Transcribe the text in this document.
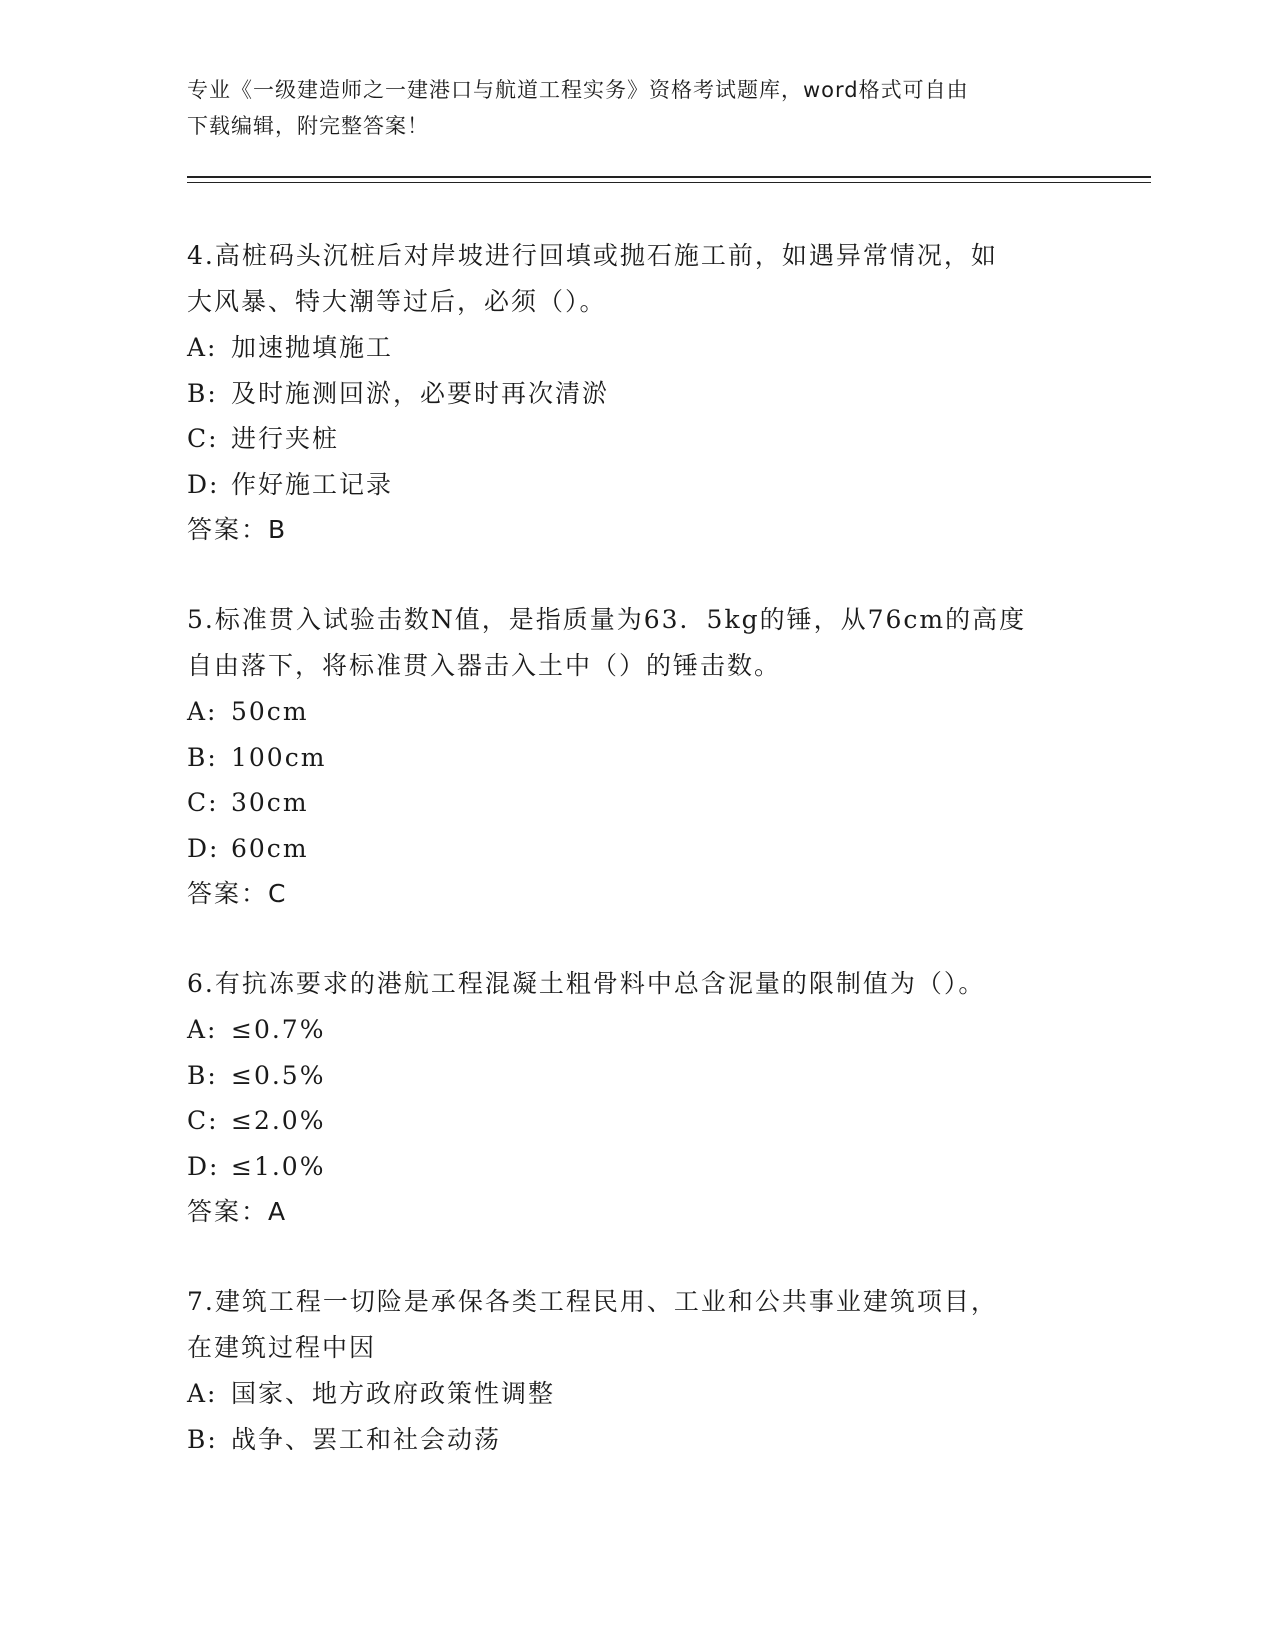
专业《一级建造师之一建港口与航道工程实务》资格考试题库，word格式可自由
下载编辑，附完整答案！
4.高桩码头沉桩后对岸坡进行回填或抛石施工前，如遇异常情况，如
大风暴、特大潮等过后，必须（）。
A: 加速抛填施工
B: 及时施测回淤，必要时再次清淤
C: 进行夹桩
D: 作好施工记录
答案：B
5.标准贯入试验击数N值，是指质量为63．5kg的锤，从76cm的高度
自由落下，将标准贯入器击入土中（）的锤击数。
A: 50cm
B: 100cm
C: 30cm
D: 60cm
答案：C
6.有抗冻要求的港航工程混凝土粗骨料中总含泥量的限制值为（）。
A: ≤0.7%
B: ≤0.5%
C: ≤2.0%
D: ≤1.0%
答案：A
7.建筑工程一切险是承保各类工程民用、工业和公共事业建筑项目，
在建筑过程中因
A: 国家、地方政府政策性调整
B: 战争、罢工和社会动荡
